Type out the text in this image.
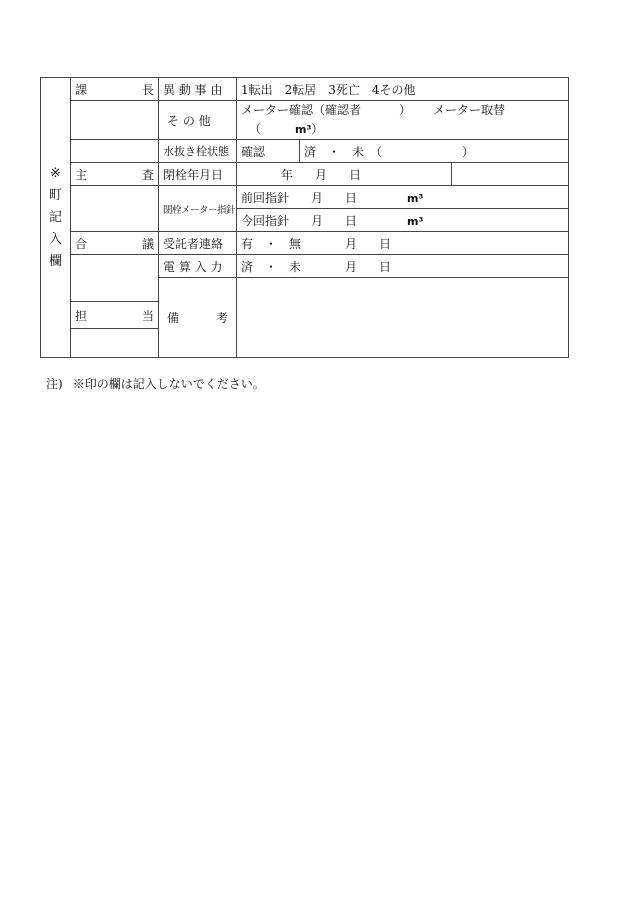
※
町
記
入
欄	課 長	異 動 事 由	1転出　2転居　3死亡　4その他		
		そ の 他	メーター確認（確認者 ） メーター取替
（ m³）		

		水抜き栓状態	確認	済　・　未　（ ）	

	主 査	閉栓年月日	年 月 日		
		閉栓メーター指針	前回指針 月 日 m³		
			今回指針 月 日 m³		

	合 議	受託者連絡	有　・　無 月 日		
		電 算 入 力	済　・　未 月 日		

		備 考			

	担 当				

注) ※印の欄は記入しないでください。
